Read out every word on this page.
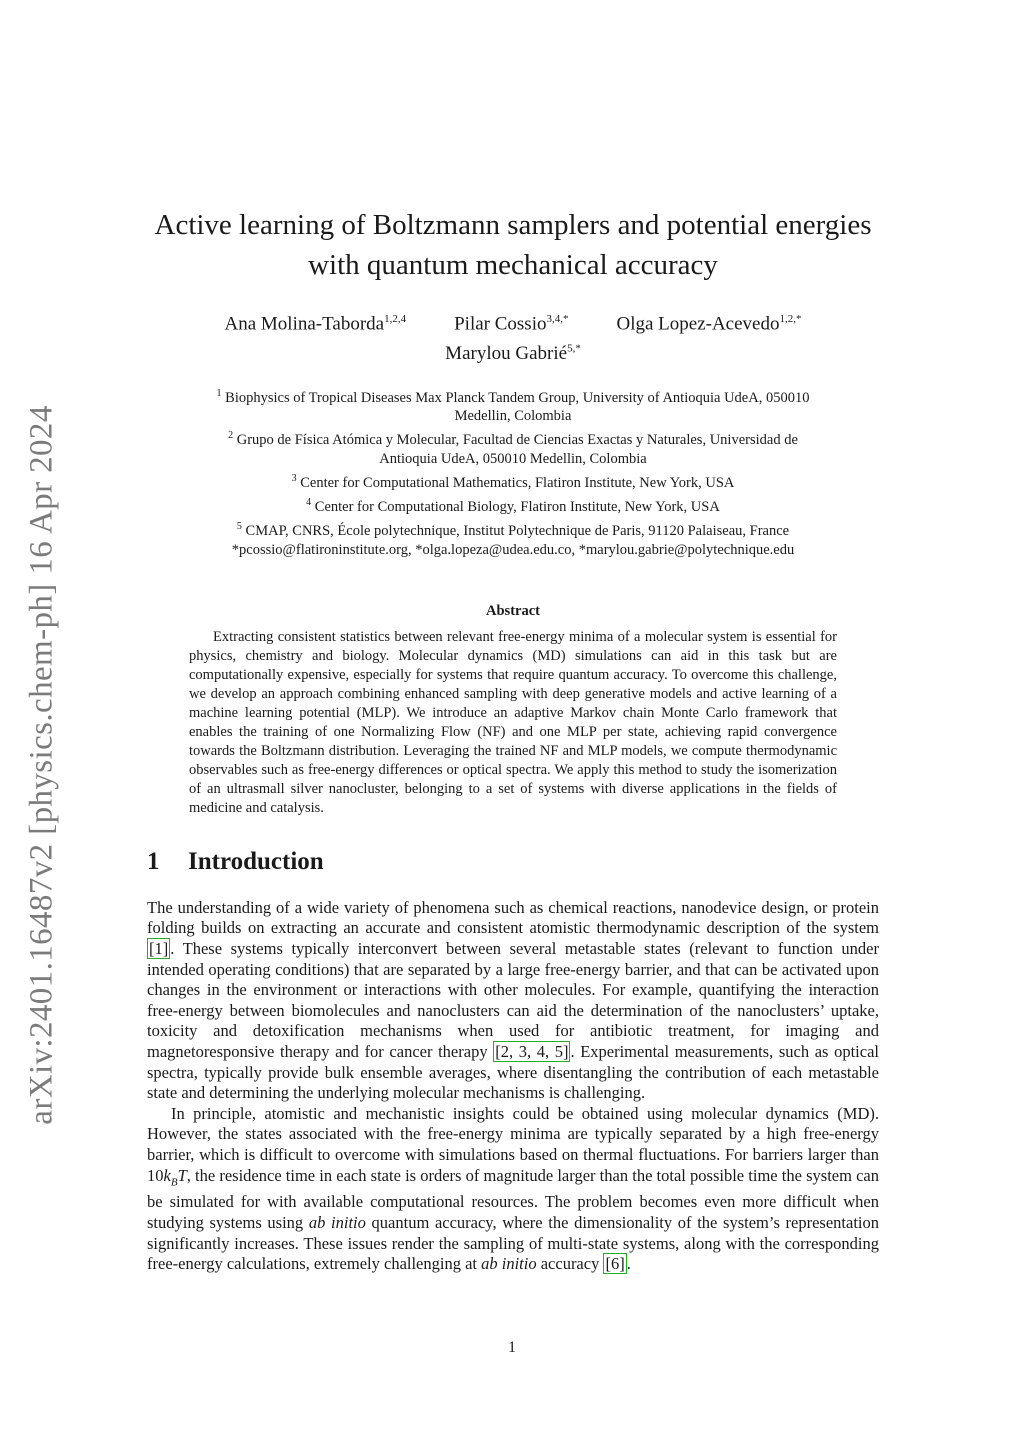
arXiv:2401.16487v2 [physics.chem-ph] 16 Apr 2024
Active learning of Boltzmann samplers and potential energies
with quantum mechanical accuracy
Ana Molina-Taborda$^{1,2,4}$	Pilar Cossio$^{3,4,*}$	Olga Lopez-Acevedo$^{1,2,*}$
Marylou Gabrié$^{5,*}$
$^1$ Biophysics of Tropical Diseases Max Planck Tandem Group, University of Antioquia UdeA, 050010
Medellin, Colombia
$^2$ Grupo de Física Atómica y Molecular, Facultad de Ciencias Exactas y Naturales, Universidad de
Antioquia UdeA, 050010 Medellin, Colombia
$^3$ Center for Computational Mathematics, Flatiron Institute, New York, USA
$^4$ Center for Computational Biology, Flatiron Institute, New York, USA
$^5$ CMAP, CNRS, École polytechnique, Institut Polytechnique de Paris, 91120 Palaiseau, France
*pcossio@flatironinstitute.org, *olga.lopeza@udea.edu.co, *marylou.gabrie@polytechnique.edu
Abstract

Extracting consistent statistics between relevant free-energy minima of a molecular system is essential for physics, chemistry and biology. Molecular dynamics (MD) simulations can aid in this task but are computationally expensive, especially for systems that require quantum accuracy. To overcome this challenge, we develop an approach combining enhanced sampling with deep generative models and active learning of a machine learning potential (MLP). We introduce an adaptive Markov chain Monte Carlo framework that enables the training of one Normalizing Flow (NF) and one MLP per state, achieving rapid convergence towards the Boltzmann distribution. Leveraging the trained NF and MLP models, we compute thermodynamic observables such as free-energy differences or optical spectra. We apply this method to study the isomerization of an ultrasmall silver nanocluster, belonging to a set of systems with diverse applications in the fields of medicine and catalysis.

1 Introduction

The understanding of a wide variety of phenomena such as chemical reactions, nanodevice design, or protein folding builds on extracting an accurate and consistent atomistic thermodynamic description of the system [1] . These systems typically interconvert between several metastable states (relevant to function under intended operating conditions) that are separated by a large free-energy barrier, and that can be activated upon changes in the environment or interactions with other molecules. For example, quantifying the interaction free-energy between biomolecules and nanoclusters can aid the determination of the nanoclusters’ uptake, toxicity and detoxification mechanisms when used for antibiotic treatment, for imaging and magnetoresponsive therapy and for cancer therapy [2, 3, 4, 5] . Experimental measurements, such as optical spectra, typically provide bulk ensemble averages, where disentangling the contribution of each metastable state and determining the underlying molecular mechanisms is challenging.

In principle, atomistic and mechanistic insights could be obtained using molecular dynamics (MD). However, the states associated with the free-energy minima are typically separated by a high free-energy barrier, which is difficult to overcome with simulations based on thermal fluctuations. For barriers larger than $10k_BT$, the residence time in each state is orders of magnitude larger than the total possible time the system can be simulated for with available computational resources. The problem becomes even more difficult when studying systems using ab initio quantum accuracy, where the dimensionality of the system’s representation significantly increases. These issues render the sampling of multi-state systems, along with the corresponding free-energy calculations, extremely challenging at ab initio accuracy [6] .

1
